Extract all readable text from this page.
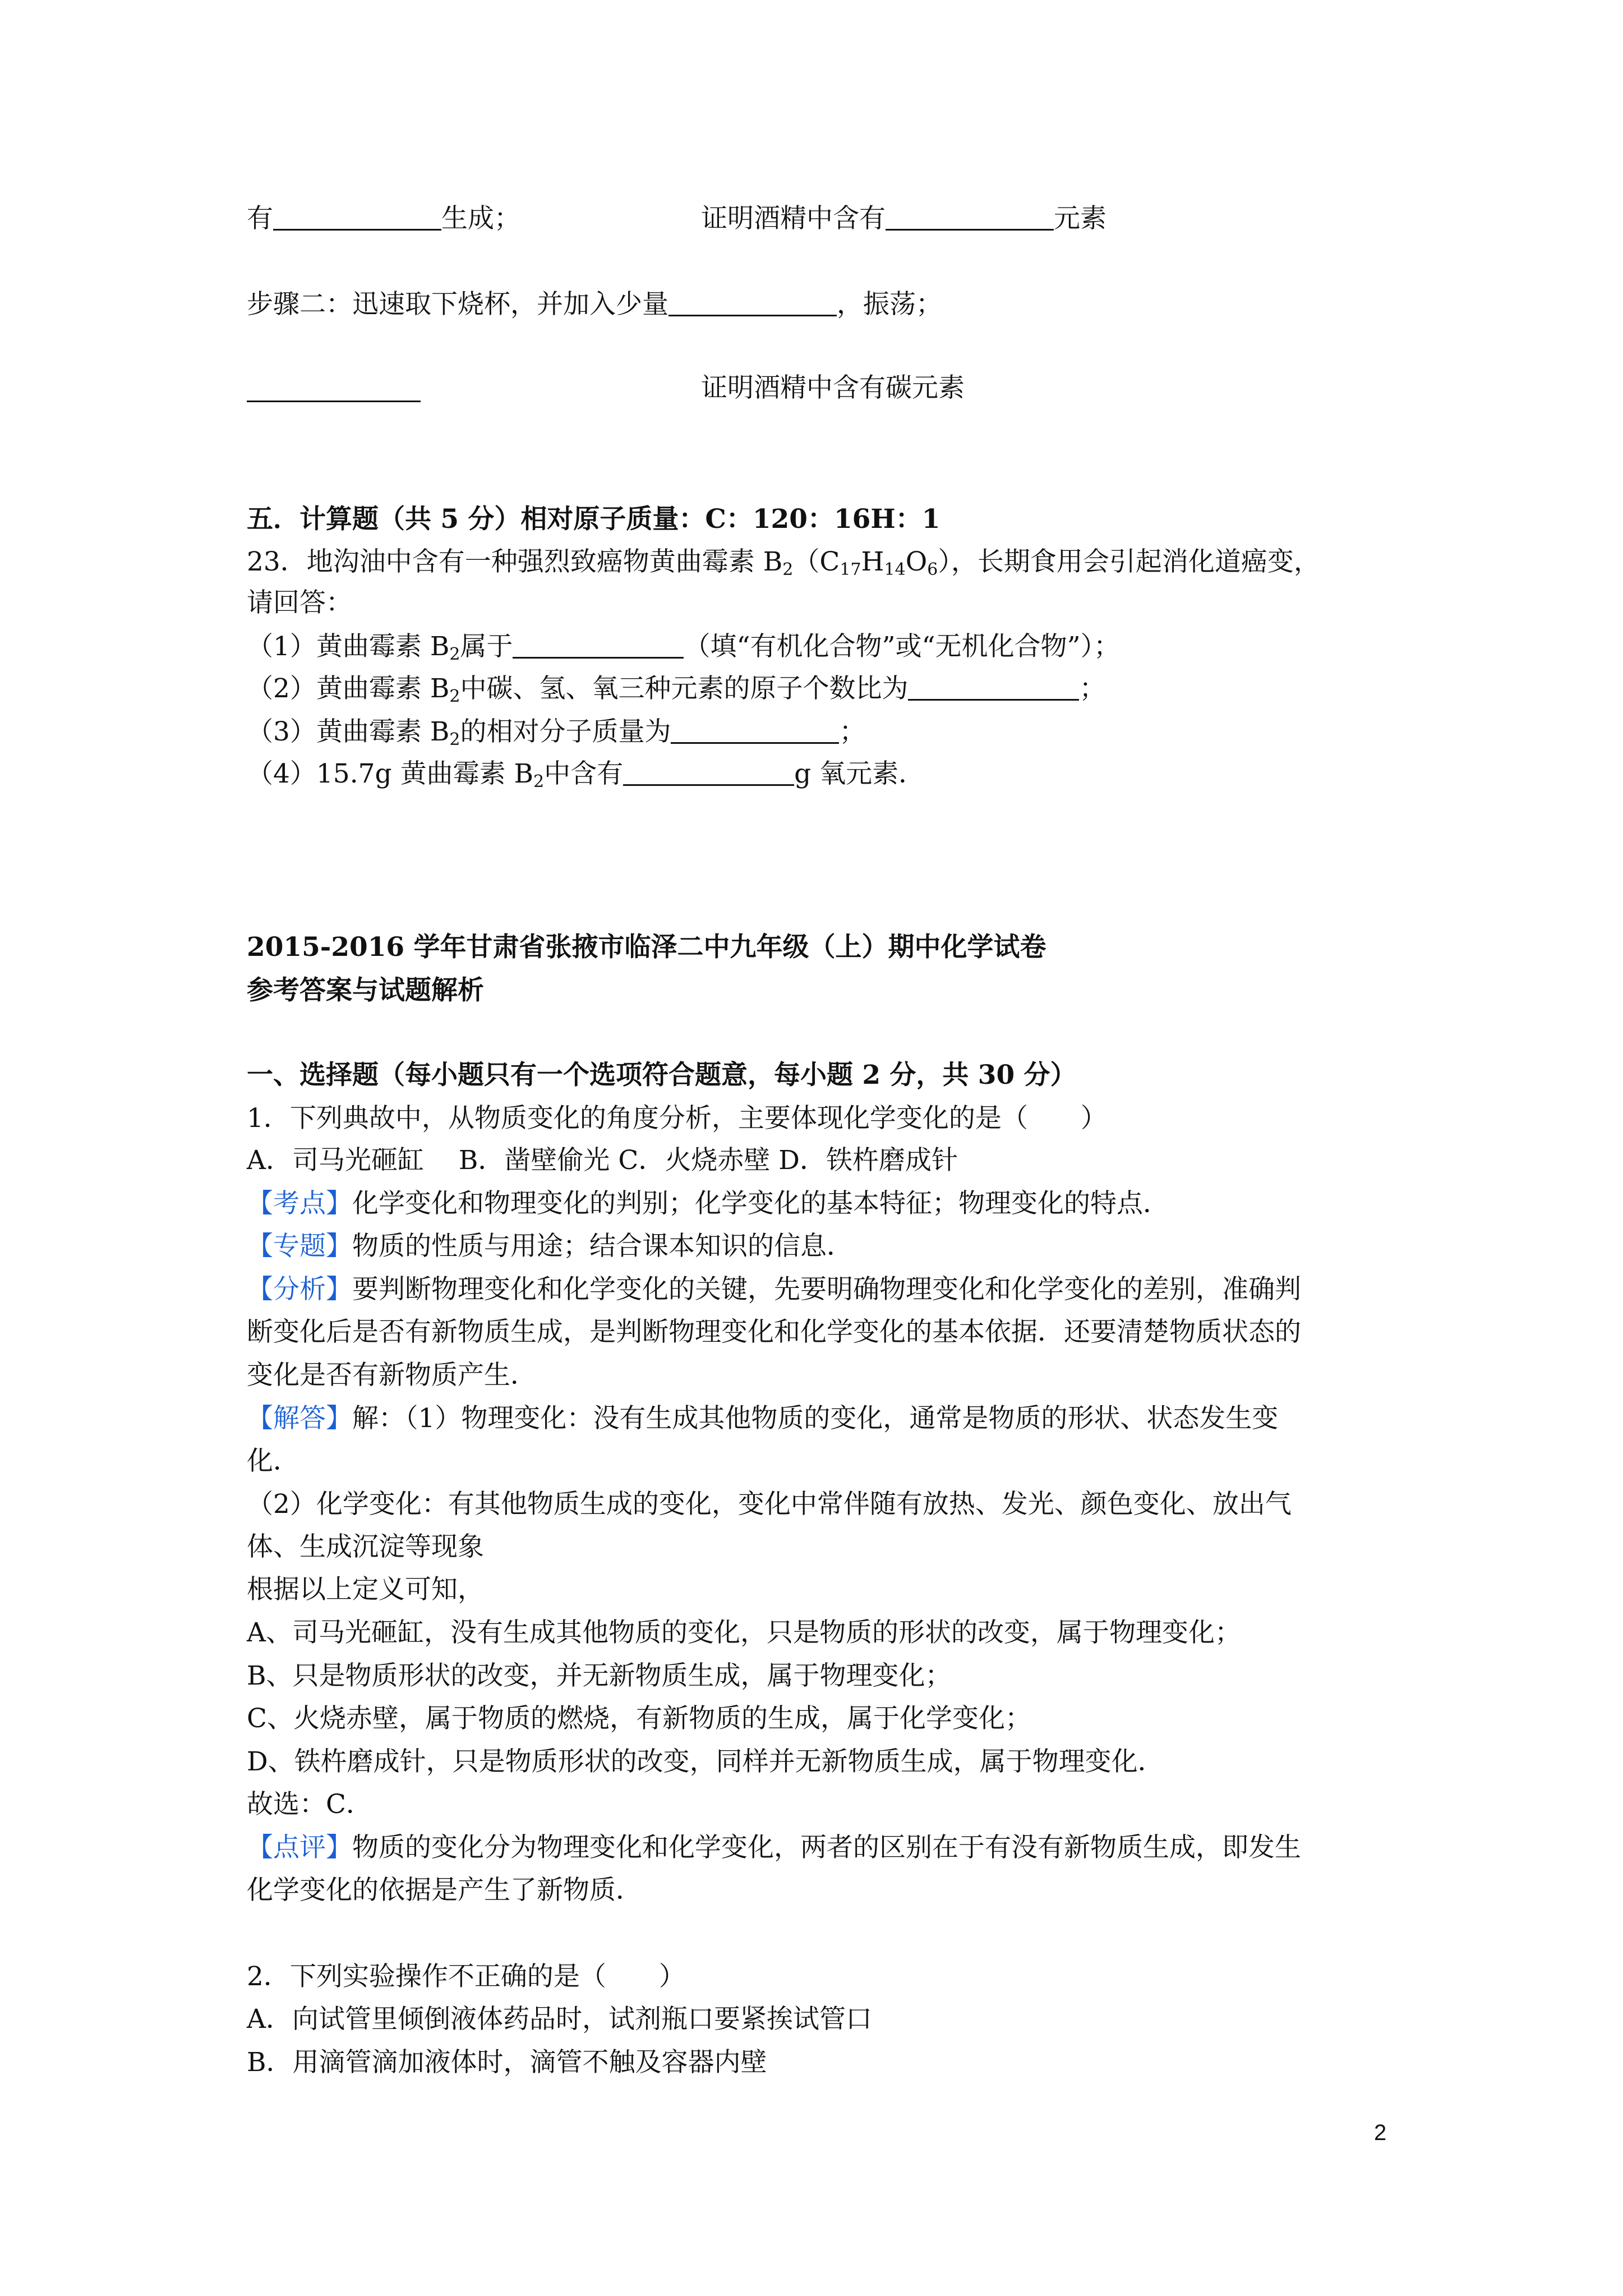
有	生成；	证明酒精中含有	元素
步骤二：迅速取下烧杯，并加入少量	，振荡；
证明酒精中含有碳元素
五．计算题（共 5 分）相对原子质量：C：120：16H：1
23．地沟油中含有一种强烈致癌物黄曲霉素 $B_2(C_{17}H_{14}O_6)$，长期食用会引起消化道癌变，
请回答：
（1）黄曲霉素 $B_2$属于	（填“有机化合物”或“无机化合物”）；
（2）黄曲霉素 $B_2$中碳、氢、氧三种元素的原子个数比为	；
（3）黄曲霉素 $B_2$的相对分子质量为	；
（4）15.7g 黄曲霉素 $B_2$中含有	g 氧元素．
2015-2016 学年甘肃省张掖市临泽二中九年级（上）期中化学试卷
参考答案与试题解析
一、选择题（每小题只有一个选项符合题意，每小题 2 分，共 30 分）
1．下列典故中，从物质变化的角度分析，主要体现化学变化的是（　　）
A．司马光砸缸　 B．凿壁偷光 C．火烧赤壁 D．铁杵磨成针
【考点】化学变化和物理变化的判别；化学变化的基本特征；物理变化的特点．
【专题】物质的性质与用途；结合课本知识的信息．
【分析】要判断物理变化和化学变化的关键，先要明确物理变化和化学变化的差别，准确判
断变化后是否有新物质生成，是判断物理变化和化学变化的基本依据．还要清楚物质状态的
变化是否有新物质产生．
【解答】解：（1）物理变化：没有生成其他物质的变化，通常是物质的形状、状态发生变
化．
（2）化学变化：有其他物质生成的变化，变化中常伴随有放热、发光、颜色变化、放出气
体、生成沉淀等现象
根据以上定义可知，
A、司马光砸缸，没有生成其他物质的变化，只是物质的形状的改变，属于物理变化；
B、只是物质形状的改变，并无新物质生成，属于物理变化；
C、火烧赤壁，属于物质的燃烧，有新物质的生成，属于化学变化；
D、铁杵磨成针，只是物质形状的改变，同样并无新物质生成，属于物理变化．
故选：C．
【点评】物质的变化分为物理变化和化学变化，两者的区别在于有没有新物质生成，即发生
化学变化的依据是产生了新物质．
2．下列实验操作不正确的是（　　）
A．向试管里倾倒液体药品时，试剂瓶口要紧挨试管口
B．用滴管滴加液体时，滴管不触及容器内壁
2
